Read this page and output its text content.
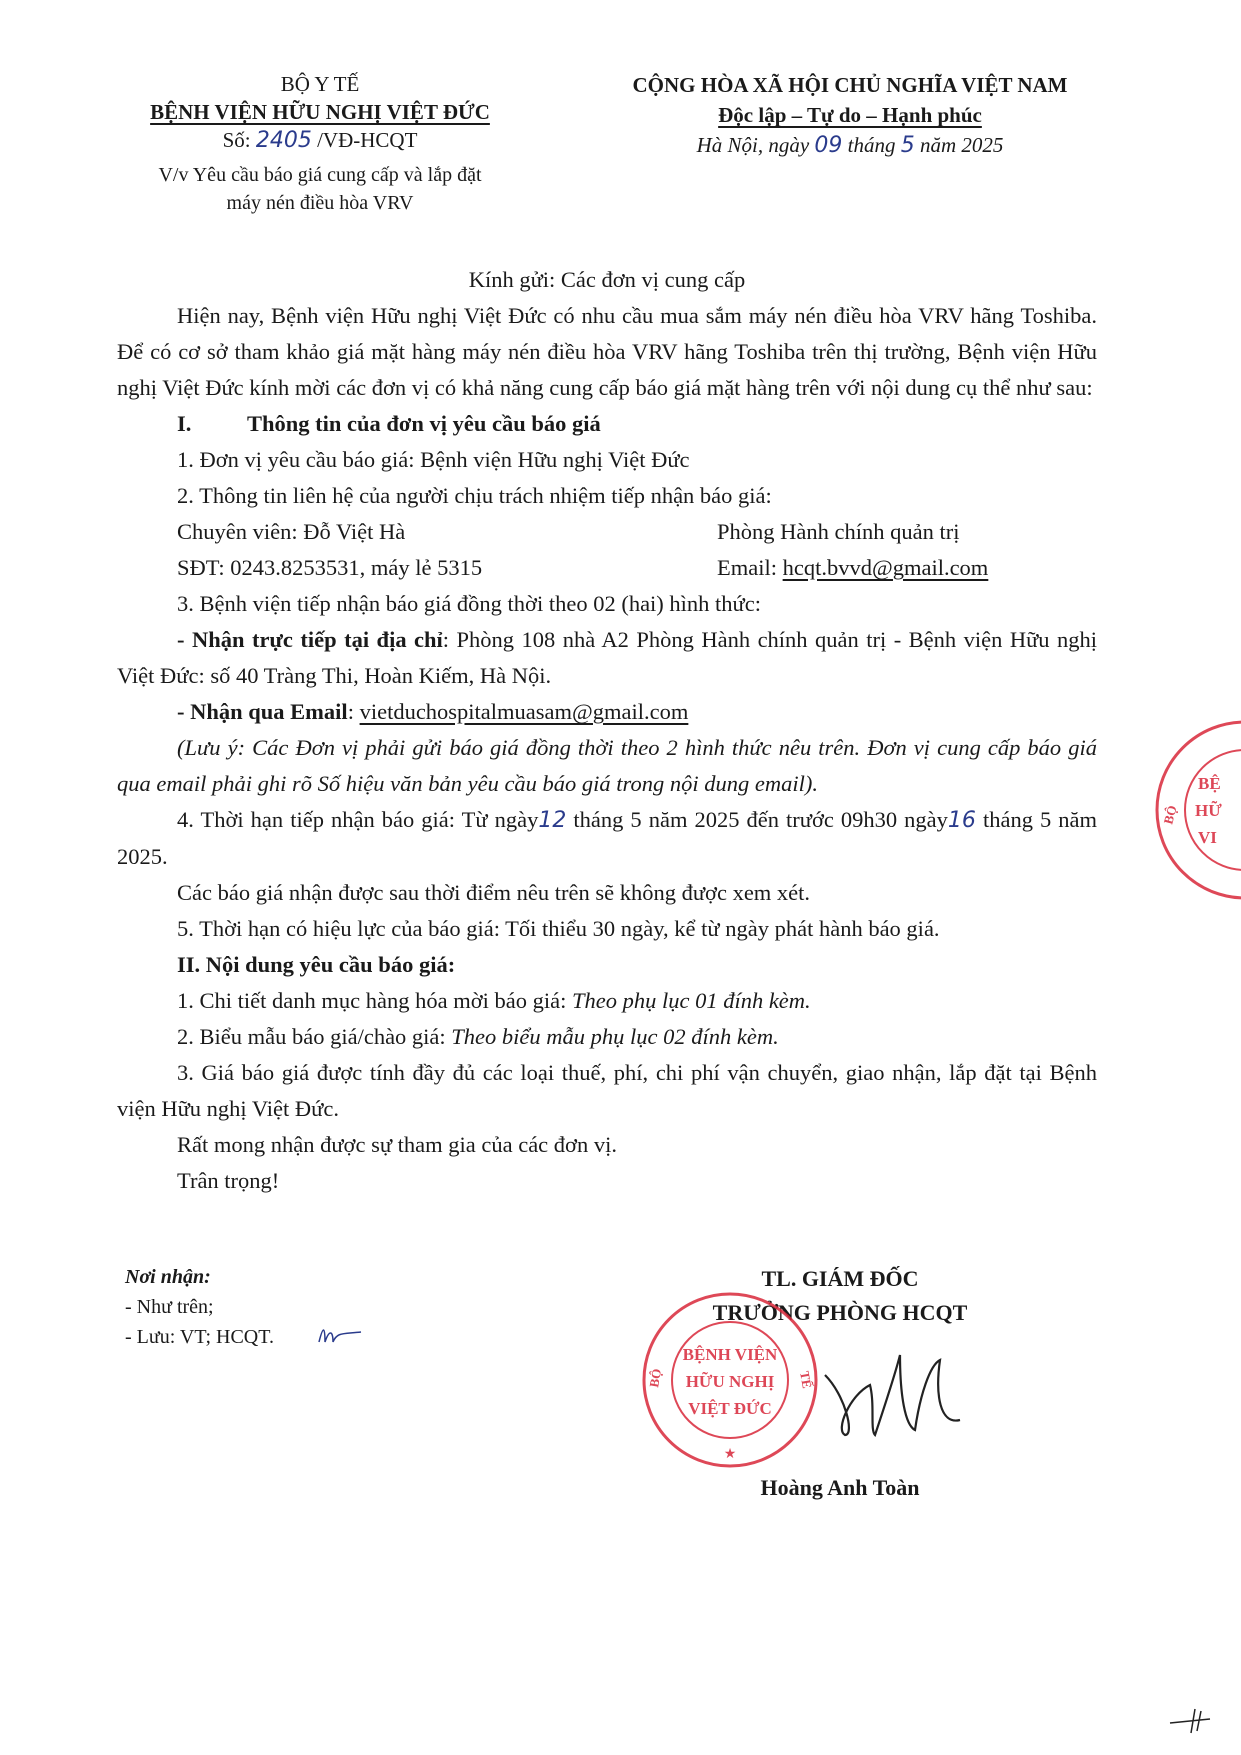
BỘ Y TẾ
BỆNH VIỆN HỮU NGHỊ VIỆT ĐỨC
Số: 2405 /VĐ-HCQT
V/v Yêu cầu báo giá cung cấp và lắp đặt
máy nén điều hòa VRV
CỘNG HÒA XÃ HỘI CHỦ NGHĨA VIỆT NAM
Độc lập – Tự do – Hạnh phúc
Hà Nội, ngày 09 tháng 5 năm 2025

Kính gửi: Các đơn vị cung cấp

Hiện nay, Bệnh viện Hữu nghị Việt Đức có nhu cầu mua sắm máy nén điều hòa VRV hãng Toshiba. Để có cơ sở tham khảo giá mặt hàng máy nén điều hòa VRV hãng Toshiba trên thị trường, Bệnh viện Hữu nghị Việt Đức kính mời các đơn vị có khả năng cung cấp báo giá mặt hàng trên với nội dung cụ thể như sau:

I.	Thông tin của đơn vị yêu cầu báo giá

1. Đơn vị yêu cầu báo giá: Bệnh viện Hữu nghị Việt Đức

2. Thông tin liên hệ của người chịu trách nhiệm tiếp nhận báo giá:

Chuyên viên: Đỗ Việt Hà	Phòng Hành chính quản trị
SĐT: 0243.8253531, máy lẻ 5315	Email: hcqt.bvvd@gmail.com

3. Bệnh viện tiếp nhận báo giá đồng thời theo 02 (hai) hình thức:

- Nhận trực tiếp tại địa chỉ: Phòng 108 nhà A2 Phòng Hành chính quản trị - Bệnh viện Hữu nghị Việt Đức: số 40 Tràng Thi, Hoàn Kiếm, Hà Nội.

- Nhận qua Email: vietduchospitalmuasam@gmail.com

(Lưu ý: Các Đơn vị phải gửi báo giá đồng thời theo 2 hình thức nêu trên. Đơn vị cung cấp báo giá qua email phải ghi rõ Số hiệu văn bản yêu cầu báo giá trong nội dung email).

4. Thời hạn tiếp nhận báo giá: Từ ngày12 tháng 5 năm 2025 đến trước 09h30 ngày16 tháng 5 năm 2025.

Các báo giá nhận được sau thời điểm nêu trên sẽ không được xem xét.

5. Thời hạn có hiệu lực của báo giá: Tối thiểu 30 ngày, kể từ ngày phát hành báo giá.

II. Nội dung yêu cầu báo giá:

1. Chi tiết danh mục hàng hóa mời báo giá: Theo phụ lục 01 đính kèm.

2. Biểu mẫu báo giá/chào giá: Theo biểu mẫu phụ lục 02 đính kèm.

3. Giá báo giá được tính đầy đủ các loại thuế, phí, chi phí vận chuyển, giao nhận, lắp đặt tại Bệnh viện Hữu nghị Việt Đức.

Rất mong nhận được sự tham gia của các đơn vị.

Trân trọng!

Nơi nhận:
- Như trên;
- Lưu: VT; HCQT.
TL. GIÁM ĐỐC
TRƯỞNG PHÒNG HCQT
BỆNH VIỆN
HỮU NGHỊ
VIỆT ĐỨC
BỘ	TẾ
★
Hoàng Anh Toàn
BỆ
HỮ
VI
BỘ
